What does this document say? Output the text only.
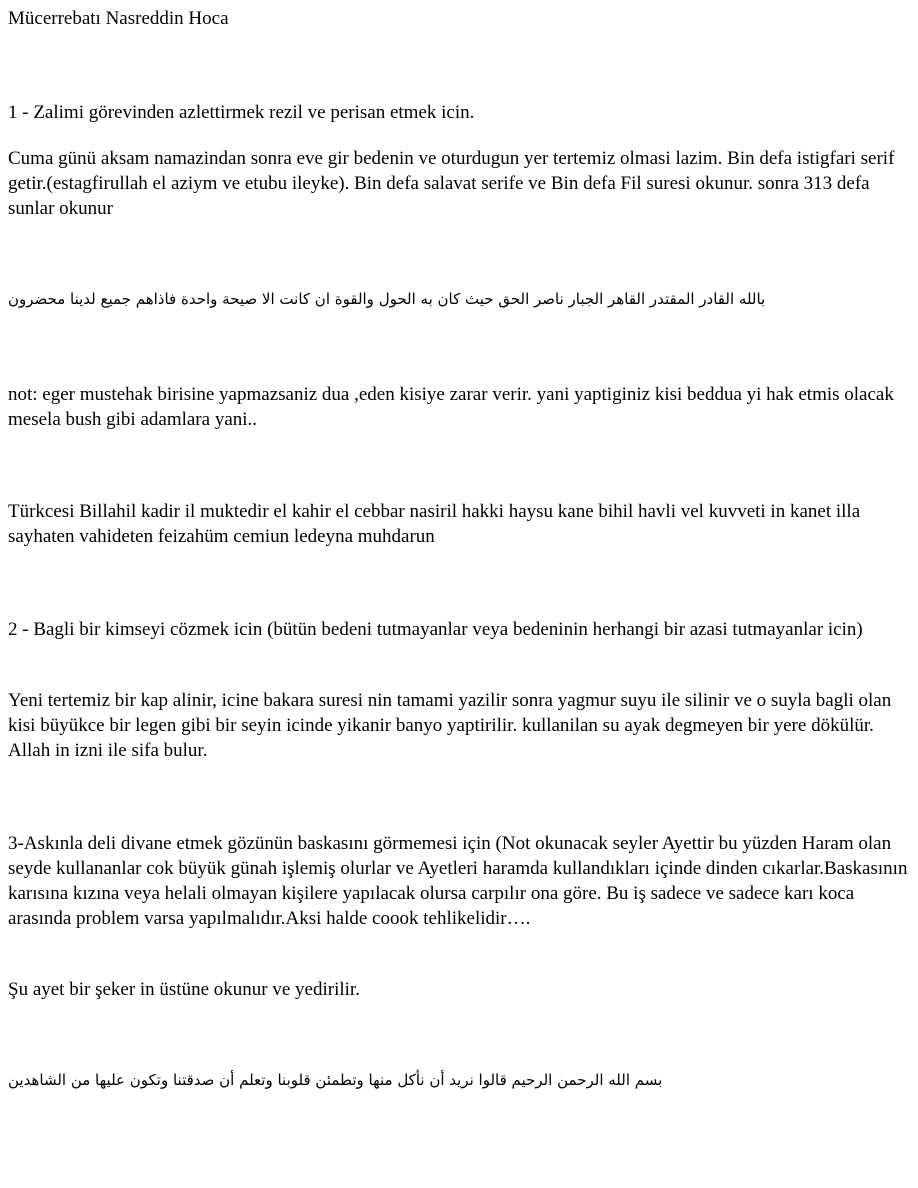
Mücerrebatı Nasreddin Hoca

1 - Zalimi görevinden azlettirmek rezil ve perisan etmek icin.

Cuma günü aksam namazindan sonra eve gir bedenin ve oturdugun yer tertemiz olmasi lazim. Bin defa istigfari serif getir.(estagfirullah el aziym ve etubu ileyke). Bin defa salavat serife ve Bin defa Fil suresi okunur. sonra 313 defa sunlar okunur

بالله القادر المقتدر القاهر الجبار ناصر الحق حيث كان به الحول والقوة ان كانت الا صيحة واحدة فاذاهم جميع لدينا محضرون

not: eger mustehak birisine yapmazsaniz dua ,eden kisiye zarar verir. yani yaptiginiz kisi beddua yi hak etmis olacak mesela bush gibi adamlara yani..

Türkcesi Billahil kadir il muktedir el kahir el cebbar nasiril hakki haysu kane bihil havli vel kuvveti in kanet illa sayhaten vahideten feizahüm cemiun ledeyna muhdarun

2 - Bagli bir kimseyi cözmek icin (bütün bedeni tutmayanlar veya bedeninin herhangi bir azasi tutmayanlar icin)

Yeni tertemiz bir kap alinir, icine bakara suresi nin tamami yazilir sonra yagmur suyu ile silinir ve o suyla bagli olan kisi büyükce bir legen gibi bir seyin icinde yikanir banyo yaptirilir. kullanilan su ayak degmeyen bir yere dökülür. Allah in izni ile sifa bulur.

3-Askınla deli divane etmek gözünün baskasını görmemesi için (Not okunacak seyler Ayettir bu yüzden Haram olan seyde kullananlar cok büyük günah işlemiş olurlar ve Ayetleri haramda kullandıkları içinde dinden cıkarlar.Baskasının karısına kızına veya helali olmayan kişilere yapılacak olursa carpılır ona göre. Bu iş sadece ve sadece karı koca arasında problem varsa yapılmalıdır.Aksi halde coook tehlikelidir….

Şu ayet bir şeker in üstüne okunur ve yedirilir.

بسم الله الرحمن الرحيم قالوا نريد أن نأكل منها وتطمئن قلوبنا وتعلم أن صدقتنا وتكون عليها من الشاهدين
